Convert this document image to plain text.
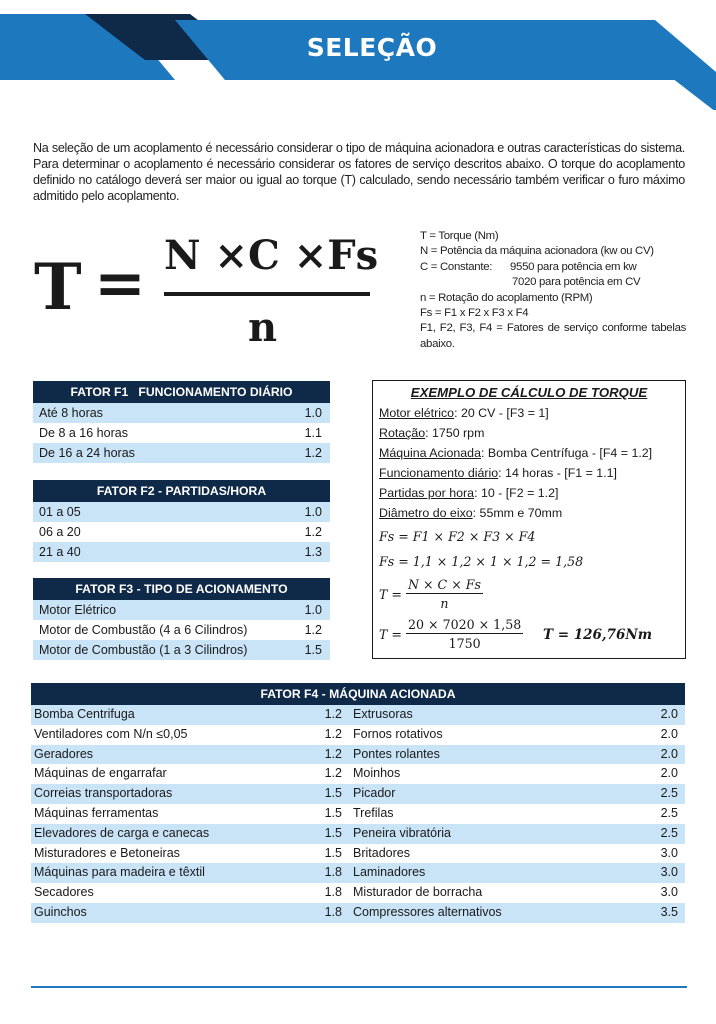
SELEÇÃO

Na seleção de um acoplamento é necessário considerar o tipo de máquina acionadora e outras características do sistema. Para determinar o acoplamento é necessário considerar os fatores de serviço descritos abaixo. O torque do acoplamento definido no catálogo deverá ser maior ou igual ao torque (T) calculado, sendo necessário também verificar o furo máximo admitido pelo acoplamento.

T = N ×C ×Fs
n
T = Torque (Nm)
N = Potência da máquina acionadora (kw ou CV)
C = Constante: 9550 para potência em kw
7020 para potência em CV
n = Rotação do acoplamento (RPM)
Fs = F1 x F2 x F3 x F4
F1, F2, F3, F4 = Fatores de serviço conforme tabelas abaixo.
FATOR F1   FUNCIONAMENTO DIÁRIO
Até 8 horas	1.0
De 8 a 16 horas	1.1
De 16 a 24 horas	1.2
FATOR F2 - PARTIDAS/HORA
01 a 05	1.0
06 a 20	1.2
21 a 40	1.3
FATOR F3 - TIPO DE ACIONAMENTO
Motor Elétrico	1.0
Motor de Combustão (4 a 6 Cilindros)	1.2
Motor de Combustão (1 a 3 Cilindros)	1.5
EXEMPLO DE CÁLCULO DE TORQUE
Motor elétrico: 20 CV - [F3 = 1]
Rotação: 1750 rpm
Máquina Acionada: Bomba Centrífuga - [F4 = 1.2]
Funcionamento diário: 14 horas - [F1 = 1.1]
Partidas por hora: 10 - [F2 = 1.2]
Diâmetro do eixo: 55mm e 70mm
Fs = F1 × F2 × F3 × F4
Fs = 1,1 × 1,2 × 1 × 1,2 = 1,58
$T = \frac{N \times C \times Fs}{n}$
$T = \frac{20 \times 7020 \times 1,58}{1750}$ T = 126,76Nm
FATOR F4 - MÁQUINA ACIONADA
Bomba Centrifuga	1.2 Extrusoras	2.0
Ventiladores com N/n ≤0,05	1.2 Fornos rotativos	2.0
Geradores	1.2 Pontes rolantes	2.0
Máquinas de engarrafar	1.2 Moinhos	2.0
Correias transportadoras	1.5 Picador	2.5
Máquinas ferramentas	1.5 Trefilas	2.5
Elevadores de carga e canecas	1.5 Peneira vibratória	2.5
Misturadores e Betoneiras	1.5 Britadores	3.0
Máquinas para madeira e têxtil	1.8 Laminadores	3.0
Secadores	1.8 Misturador de borracha	3.0
Guinchos	1.8 Compressores alternativos	3.5
